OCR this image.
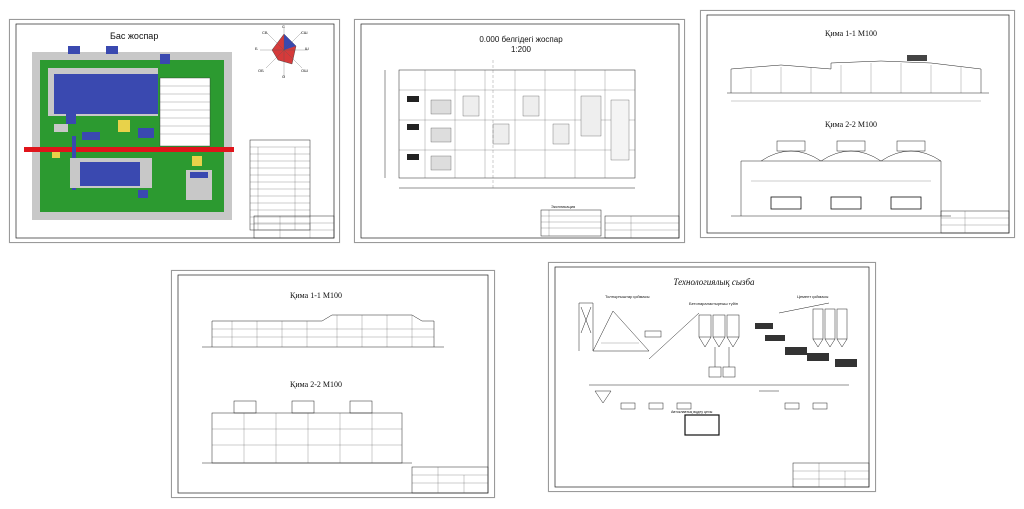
Бас жоспар
С
СШ
Ш
ОШ
О
ОБ
Б
СБ
0.000 белгідегі жоспар
1:200
Экспликация
Қима 1-1 М100
Қима 2-2 М100
Қима 1-1 М100
Қима 2-2 М100
Технологиялық сызба
Толтырғыштар қоймасы
Бетонараластырғыш түйін
Цемент қоймасы
Автоклавтық өңдеу цехы
